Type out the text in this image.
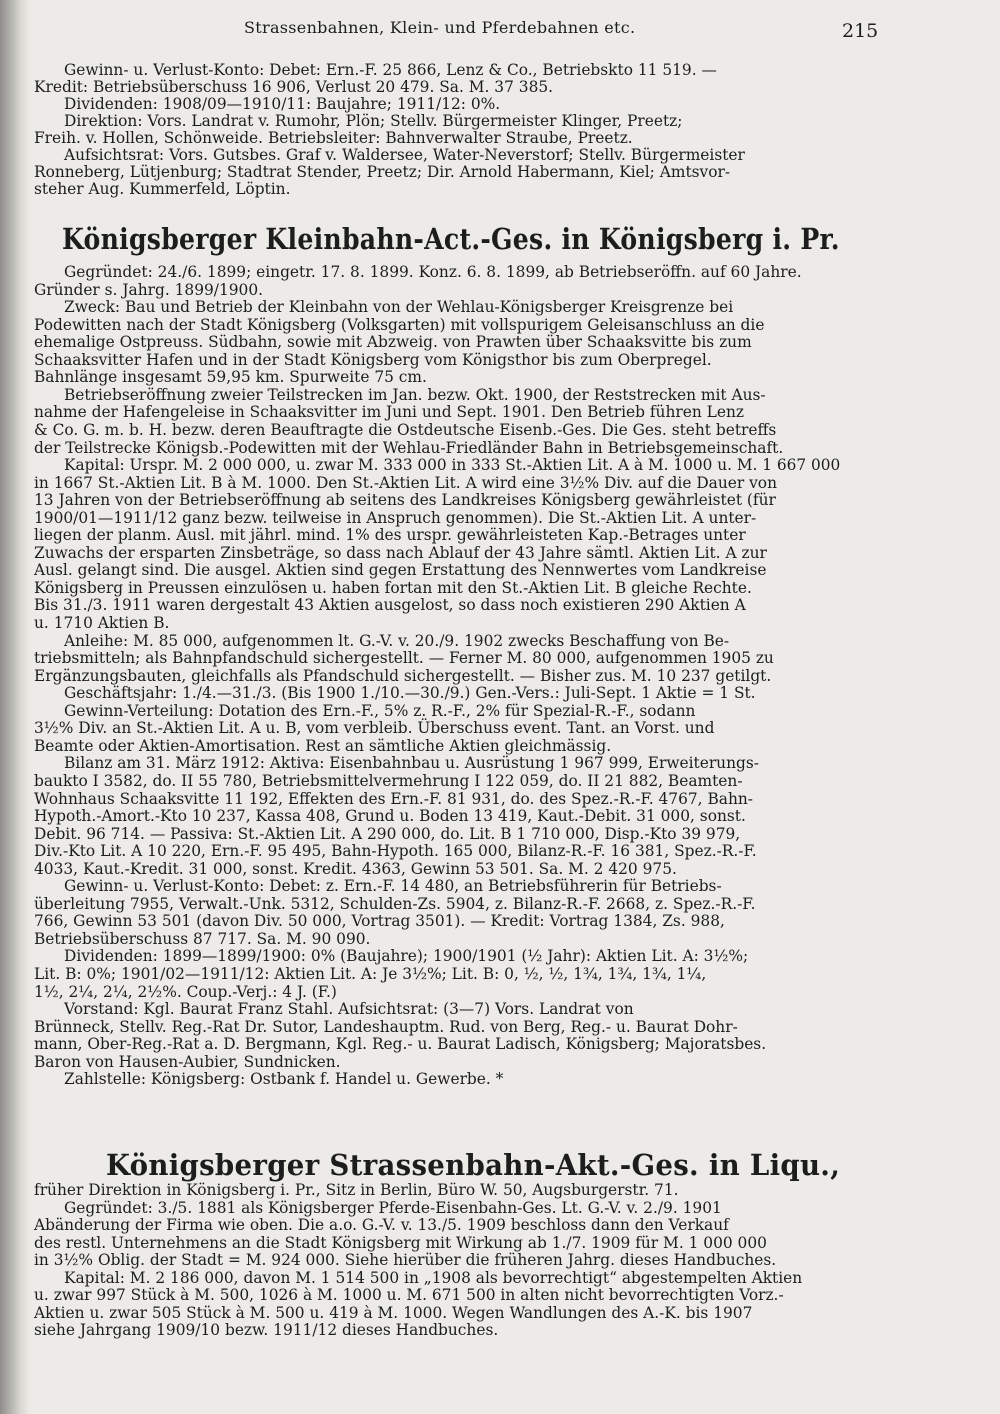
Strassenbahnen, Klein- und Pferdebahnen etc.	215
Gewinn- u. Verlust-Konto: Debet: Ern.-F. 25 866, Lenz & Co., Betriebskto 11 519. —
Kredit: Betriebsüberschuss 16 906, Verlust 20 479. Sa. M. 37 385.
Dividenden: 1908/09—1910/11: Baujahre; 1911/12: 0%.
Direktion: Vors. Landrat v. Rumohr, Plön; Stellv. Bürgermeister Klinger, Preetz;
Freih. v. Hollen, Schönweide. Betriebsleiter: Bahnverwalter Straube, Preetz.
Aufsichtsrat: Vors. Gutsbes. Graf v. Waldersee, Water-Neverstorf; Stellv. Bürgermeister
Ronneberg, Lütjenburg; Stadtrat Stender, Preetz; Dir. Arnold Habermann, Kiel; Amtsvor-
steher Aug. Kummerfeld, Löptin.
Königsberger Kleinbahn-Act.-Ges. in Königsberg i. Pr.
Gegründet: 24./6. 1899; eingetr. 17. 8. 1899. Konz. 6. 8. 1899, ab Betriebseröffn. auf 60 Jahre.
Gründer s. Jahrg. 1899/1900.
Zweck: Bau und Betrieb der Kleinbahn von der Wehlau-Königsberger Kreisgrenze bei
Podewitten nach der Stadt Königsberg (Volksgarten) mit vollspurigem Geleisanschluss an die
ehemalige Ostpreuss. Südbahn, sowie mit Abzweig. von Prawten über Schaaksvitte bis zum
Schaaksvitter Hafen und in der Stadt Königsberg vom Königsthor bis zum Oberpregel.
Bahnlänge insgesamt 59,95 km. Spurweite 75 cm.
Betriebseröffnung zweier Teilstrecken im Jan. bezw. Okt. 1900, der Reststrecken mit Aus-
nahme der Hafengeleise in Schaaksvitter im Juni und Sept. 1901. Den Betrieb führen Lenz
& Co. G. m. b. H. bezw. deren Beauftragte die Ostdeutsche Eisenb.-Ges. Die Ges. steht betreffs
der Teilstrecke Königsb.-Podewitten mit der Wehlau-Friedländer Bahn in Betriebsgemeinschaft.
Kapital: Urspr. M. 2 000 000, u. zwar M. 333 000 in 333 St.-Aktien Lit. A à M. 1000 u. M. 1 667 000
in 1667 St.-Aktien Lit. B à M. 1000. Den St.-Aktien Lit. A wird eine 3½% Div. auf die Dauer von
13 Jahren von der Betriebseröffnung ab seitens des Landkreises Königsberg gewährleistet (für
1900/01—1911/12 ganz bezw. teilweise in Anspruch genommen). Die St.-Aktien Lit. A unter-
liegen der planm. Ausl. mit jährl. mind. 1% des urspr. gewährleisteten Kap.-Betrages unter
Zuwachs der ersparten Zinsbeträge, so dass nach Ablauf der 43 Jahre sämtl. Aktien Lit. A zur
Ausl. gelangt sind. Die ausgel. Aktien sind gegen Erstattung des Nennwertes vom Landkreise
Königsberg in Preussen einzulösen u. haben fortan mit den St.-Aktien Lit. B gleiche Rechte.
Bis 31./3. 1911 waren dergestalt 43 Aktien ausgelost, so dass noch existieren 290 Aktien A
u. 1710 Aktien B.
Anleihe: M. 85 000, aufgenommen lt. G.-V. v. 20./9. 1902 zwecks Beschaffung von Be-
triebsmitteln; als Bahnpfandschuld sichergestellt. — Ferner M. 80 000, aufgenommen 1905 zu
Ergänzungsbauten, gleichfalls als Pfandschuld sichergestellt. — Bisher zus. M. 10 237 getilgt.
Geschäftsjahr: 1./4.—31./3. (Bis 1900 1./10.—30./9.) Gen.-Vers.: Juli-Sept. 1 Aktie = 1 St.
Gewinn-Verteilung: Dotation des Ern.-F., 5% z. R.-F., 2% für Spezial-R.-F., sodann
3½% Div. an St.-Aktien Lit. A u. B, vom verbleib. Überschuss event. Tant. an Vorst. und
Beamte oder Aktien-Amortisation. Rest an sämtliche Aktien gleichmässig.
Bilanz am 31. März 1912: Aktiva: Eisenbahnbau u. Ausrüstung 1 967 999, Erweiterungs-
baukto I 3582, do. II 55 780, Betriebsmittelvermehrung I 122 059, do. II 21 882, Beamten-
Wohnhaus Schaaksvitte 11 192, Effekten des Ern.-F. 81 931, do. des Spez.-R.-F. 4767, Bahn-
Hypoth.-Amort.-Kto 10 237, Kassa 408, Grund u. Boden 13 419, Kaut.-Debit. 31 000, sonst.
Debit. 96 714. — Passiva: St.-Aktien Lit. A 290 000, do. Lit. B 1 710 000, Disp.-Kto 39 979,
Div.-Kto Lit. A 10 220, Ern.-F. 95 495, Bahn-Hypoth. 165 000, Bilanz-R.-F. 16 381, Spez.-R.-F.
4033, Kaut.-Kredit. 31 000, sonst. Kredit. 4363, Gewinn 53 501. Sa. M. 2 420 975.
Gewinn- u. Verlust-Konto: Debet: z. Ern.-F. 14 480, an Betriebsführerin für Betriebs-
überleitung 7955, Verwalt.-Unk. 5312, Schulden-Zs. 5904, z. Bilanz-R.-F. 2668, z. Spez.-R.-F.
766, Gewinn 53 501 (davon Div. 50 000, Vortrag 3501). — Kredit: Vortrag 1384, Zs. 988,
Betriebsüberschuss 87 717. Sa. M. 90 090.
Dividenden: 1899—1899/1900: 0% (Baujahre); 1900/1901 (½ Jahr): Aktien Lit. A: 3½%;
Lit. B: 0%; 1901/02—1911/12: Aktien Lit. A: Je 3½%; Lit. B: 0, ½, ½, 1¾, 1¾, 1¾, 1¼,
1½, 2¼, 2¼, 2½%. Coup.-Verj.: 4 J. (F.)
Vorstand: Kgl. Baurat Franz Stahl. Aufsichtsrat: (3—7) Vors. Landrat von
Brünneck, Stellv. Reg.-Rat Dr. Sutor, Landeshauptm. Rud. von Berg, Reg.- u. Baurat Dohr-
mann, Ober-Reg.-Rat a. D. Bergmann, Kgl. Reg.- u. Baurat Ladisch, Königsberg; Majoratsbes.
Baron von Hausen-Aubier, Sundnicken.
Zahlstelle: Königsberg: Ostbank f. Handel u. Gewerbe. *
Königsberger Strassenbahn-Akt.-Ges. in Liqu.,
früher Direktion in Königsberg i. Pr., Sitz in Berlin, Büro W. 50, Augsburgerstr. 71.
Gegründet: 3./5. 1881 als Königsberger Pferde-Eisenbahn-Ges. Lt. G.-V. v. 2./9. 1901
Abänderung der Firma wie oben. Die a.o. G.-V. v. 13./5. 1909 beschloss dann den Verkauf
des restl. Unternehmens an die Stadt Königsberg mit Wirkung ab 1./7. 1909 für M. 1 000 000
in 3½% Oblig. der Stadt = M. 924 000. Siehe hierüber die früheren Jahrg. dieses Handbuches.
Kapital: M. 2 186 000, davon M. 1 514 500 in „1908 als bevorrechtigt“ abgestempelten Aktien
u. zwar 997 Stück à M. 500, 1026 à M. 1000 u. M. 671 500 in alten nicht bevorrechtigten Vorz.-
Aktien u. zwar 505 Stück à M. 500 u. 419 à M. 1000. Wegen Wandlungen des A.-K. bis 1907
siehe Jahrgang 1909/10 bezw. 1911/12 dieses Handbuches.
